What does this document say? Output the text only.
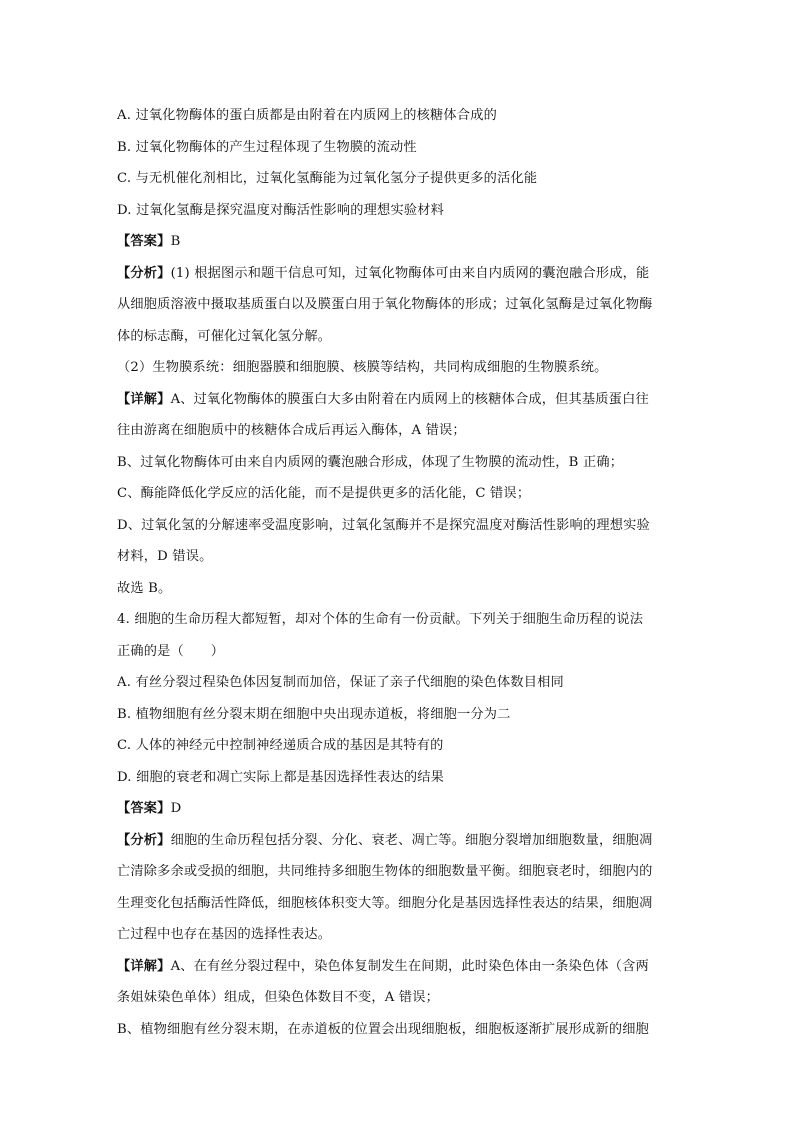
A. 过氧化物酶体的蛋白质都是由附着在内质网上的核糖体合成的
B. 过氧化物酶体的产生过程体现了生物膜的流动性
C. 与无机催化剂相比，过氧化氢酶能为过氧化氢分子提供更多的活化能
D. 过氧化氢酶是探究温度对酶活性影响的理想实验材料
【答案】B
【分析】(1) 根据图示和题干信息可知，过氧化物酶体可由来自内质网的囊泡融合形成，能
从细胞质溶液中摄取基质蛋白以及膜蛋白用于氧化物酶体的形成；过氧化氢酶是过氧化物酶
体的标志酶，可催化过氧化氢分解。
（2）生物膜系统：细胞器膜和细胞膜、核膜等结构，共同构成细胞的生物膜系统。
【详解】A、过氧化物酶体的膜蛋白大多由附着在内质网上的核糖体合成，但其基质蛋白往
往由游离在细胞质中的核糖体合成后再运入酶体，A 错误；
B、过氧化物酶体可由来自内质网的囊泡融合形成，体现了生物膜的流动性，B 正确；
C、酶能降低化学反应的活化能，而不是提供更多的活化能，C 错误；
D、过氧化氢的分解速率受温度影响，过氧化氢酶并不是探究温度对酶活性影响的理想实验
材料，D 错误。
故选 B。
4. 细胞的生命历程大都短暂，却对个体的生命有一份贡献。下列关于细胞生命历程的说法
正确的是（　　）
A. 有丝分裂过程染色体因复制而加倍，保证了亲子代细胞的染色体数目相同
B. 植物细胞有丝分裂末期在细胞中央出现赤道板，将细胞一分为二
C. 人体的神经元中控制神经递质合成的基因是其特有的
D. 细胞的衰老和凋亡实际上都是基因选择性表达的结果
【答案】D
【分析】细胞的生命历程包括分裂、分化、衰老、凋亡等。细胞分裂增加细胞数量，细胞凋
亡清除多余或受损的细胞，共同维持多细胞生物体的细胞数量平衡。细胞衰老时，细胞内的
生理变化包括酶活性降低，细胞核体积变大等。细胞分化是基因选择性表达的结果，细胞凋
亡过程中也存在基因的选择性表达。
【详解】A、在有丝分裂过程中，染色体复制发生在间期，此时染色体由一条染色体（含两
条姐妹染色单体）组成，但染色体数目不变，A 错误；
B、植物细胞有丝分裂末期，在赤道板的位置会出现细胞板，细胞板逐渐扩展形成新的细胞
